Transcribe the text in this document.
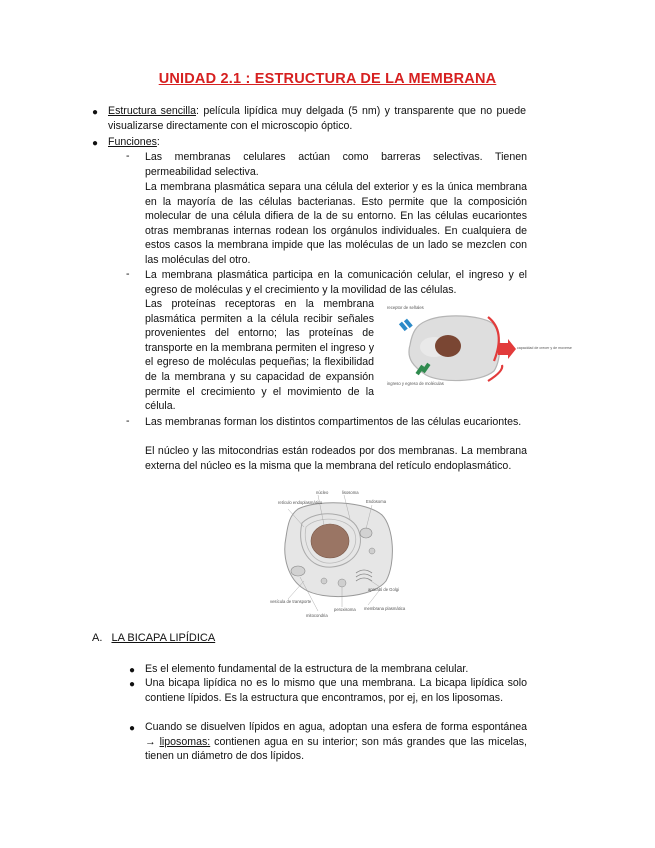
UNIDAD 2.1 : ESTRUCTURA DE LA MEMBRANA
● Estructura sencilla: película lipídica muy delgada (5 nm) y transparente que no puede visualizarse directamente con el microscopio óptico.
● Funciones:
- Las membranas celulares actúan como barreras selectivas. Tienen permeabilidad selectiva.
La membrana plasmática separa una célula del exterior y es la única membrana en la mayoría de las células bacterianas. Esto permite que la composición molecular de una célula difiera de la de su entorno. En las células eucariontes otras membranas internas rodean los orgánulos individuales. En cualquiera de estos casos la membrana impide que las moléculas de un lado se mezclen con las moléculas del otro.
- La membrana plasmática participa en la comunicación celular, el ingreso y el egreso de moléculas y el crecimiento y la movilidad de las células.
Las proteínas receptoras en la membrana plasmática permiten a la célula recibir señales provenientes del entorno; las proteínas de transporte en la membrana permiten el ingreso y el egreso de moléculas pequeñas; la flexibilidad de la membrana y su capacidad de expansión permite el crecimiento y el movimiento de la célula.
receptor de señales
capacidad de crecer y de moverse
ingreso y egreso de moléculas
- Las membranas forman los distintos compartimentos de las células eucariontes.
El núcleo y las mitocondrias están rodeados por dos membranas. La membrana externa del núcleo es la misma que la membrana del retículo endoplasmático.
núcleo
retículo endoplasmático
lisosoma
Endosoma
vesícula de transporte
mitocondria
aparato de Golgi
membrana plasmática
peroxisoma
A. LA BICAPA LIPÍDICA
● Es el elemento fundamental de la estructura de la membrana celular.
● Una bicapa lipídica no es lo mismo que una membrana. La bicapa lipídica solo contiene lípidos. Es la estructura que encontramos, por ej, en los liposomas.
● Cuando se disuelven lípidos en agua, adoptan una esfera de forma espontánea → liposomas: contienen agua en su interior; son más grandes que las micelas, tienen un diámetro de dos lípidos.
